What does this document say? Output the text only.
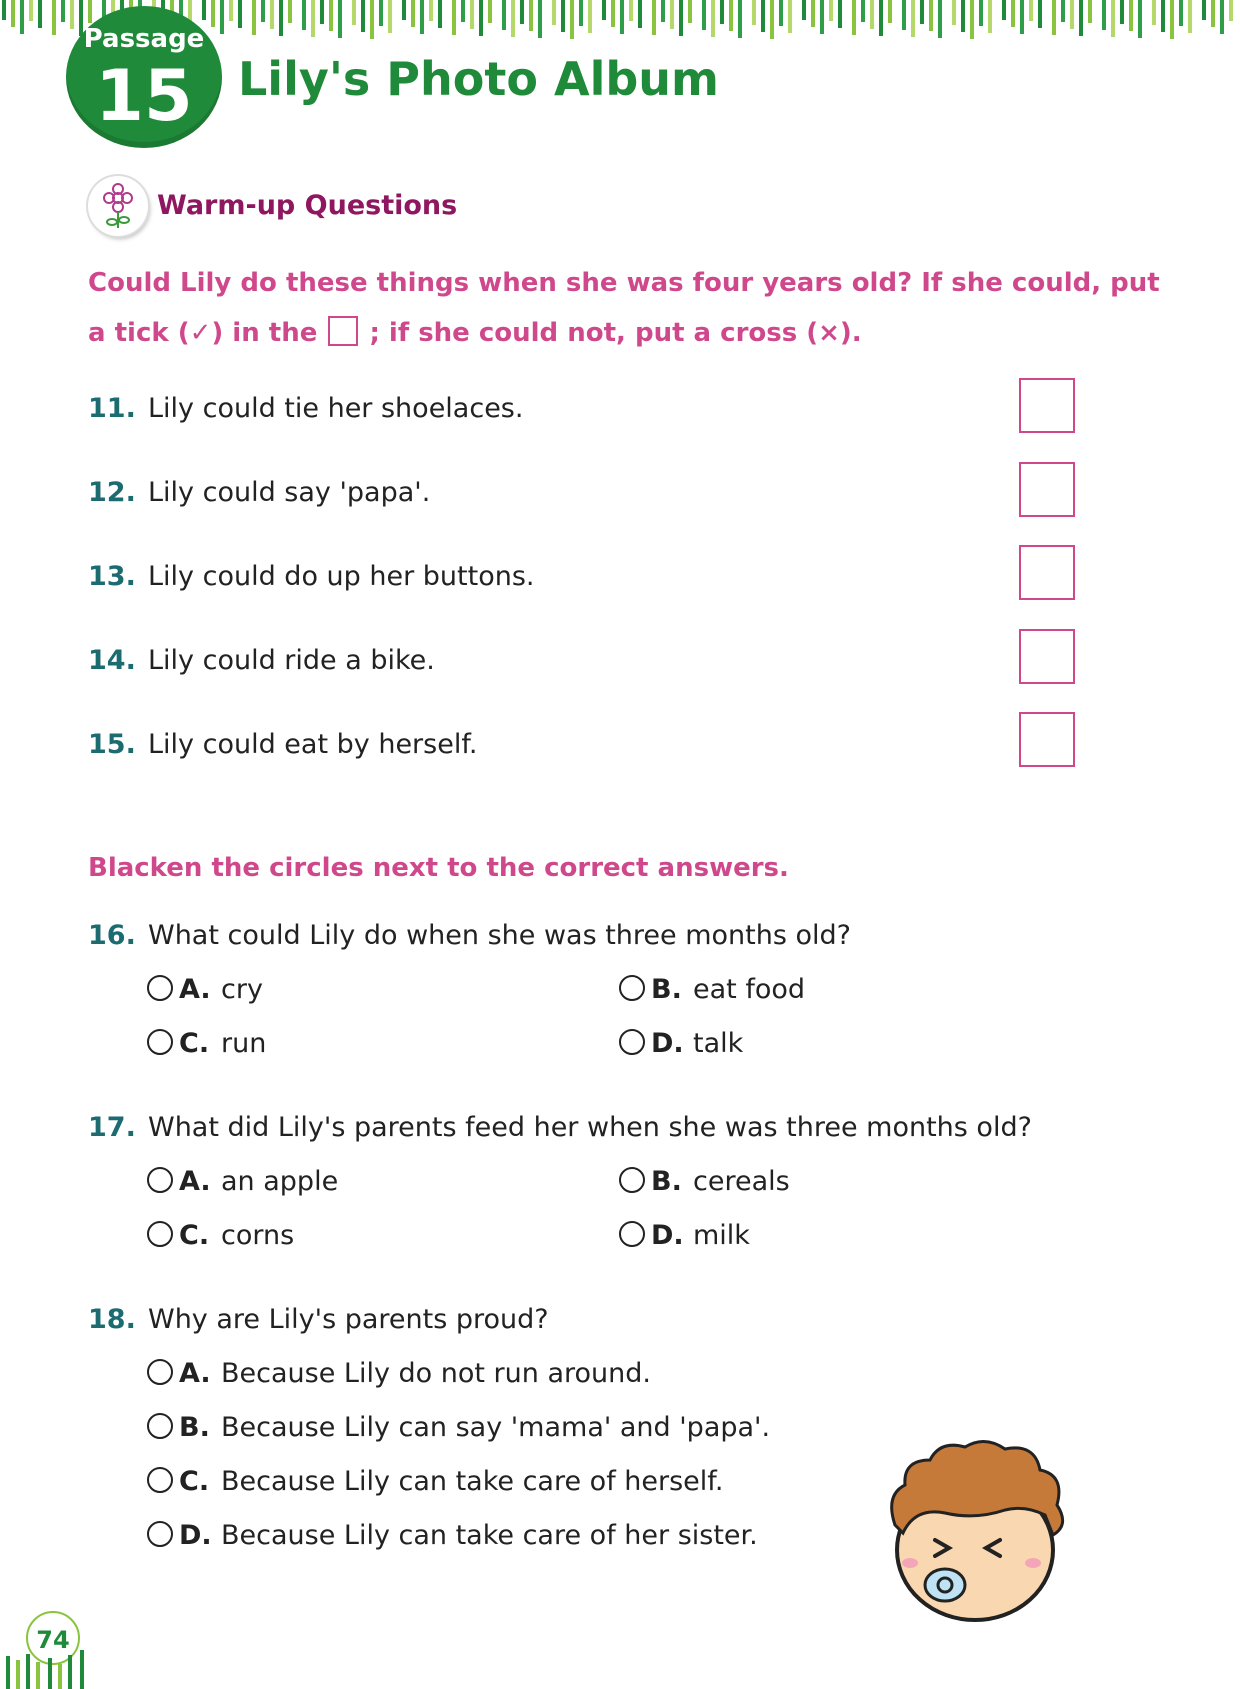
Passage
15 Lily's Photo Album
Warm-up Questions
Could Lily do these things when she was four years old? If she could, put
a tick (✓) in the ; if she could not, put a cross (×).
11. Lily could tie her shoelaces.
12. Lily could say 'papa'.
13. Lily could do up her buttons.
14. Lily could ride a bike.
15. Lily could eat by herself.
Blacken the circles next to the correct answers.
16. What could Lily do when she was three months old?
A. cry	B. eat food
C. run	D. talk
17. What did Lily's parents feed her when she was three months old?
A. an apple	B. cereals
C. corns	D. milk
18. Why are Lily's parents proud?
A. Because Lily do not run around.
B. Because Lily can say 'mama' and 'papa'.
C. Because Lily can take care of herself.
D. Because Lily can take care of her sister.
74
